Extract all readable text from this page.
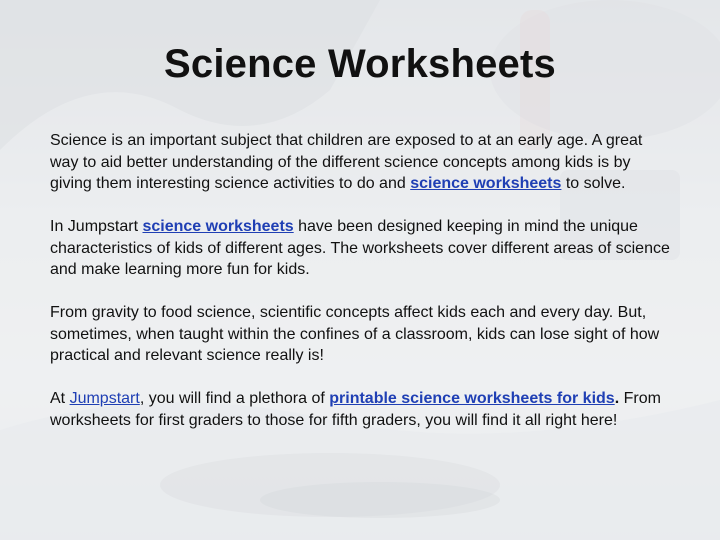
Science Worksheets

Science is an important subject that children are exposed to at an early age. A great way to aid better understanding of the different science concepts among kids is by giving them interesting science activities to do and science worksheets to solve.

In Jumpstart science worksheets have been designed keeping in mind the unique characteristics of kids of different ages. The worksheets cover different areas of science and make learning more fun for kids.

From gravity to food science, scientific concepts affect kids each and every day. But, sometimes, when taught within the confines of a classroom, kids can lose sight of how practical and relevant science really is!

At Jumpstart, you will find a plethora of printable science worksheets for kids. From worksheets for first graders to those for fifth graders, you will find it all right here!
